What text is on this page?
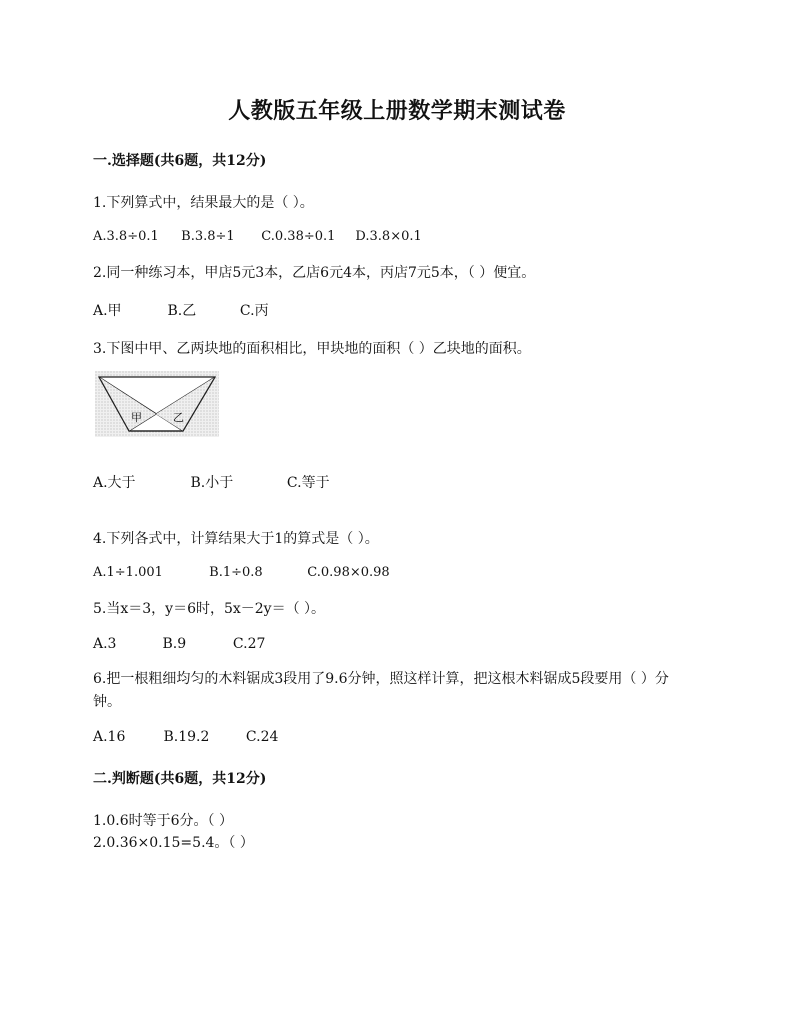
人教版五年级上册数学期末测试卷
一.选择题(共6题，共12分)
1.下列算式中，结果最大的是（ ）。
A.3.8÷0.1 B.3.8÷1 C.0.38÷0.1 D.3.8×0.1
2.同一种练习本，甲店5元3本，乙店6元4本，丙店7元5本，（ ）便宜。
A.甲	B.乙	C.丙
3.下图中甲、乙两块地的面积相比，甲块地的面积（ ）乙块地的面积。
甲	乙
A.大于	B.小于	C.等于
4.下列各式中，计算结果大于1的算式是（ ）。
A.1÷1.001	B.1÷0.8	C.0.98×0.98
5.当x＝3，y＝6时，5x－2y＝（ ）。
A.3	B.9	C.27
6.把一根粗细均匀的木料锯成3段用了9.6分钟，照这样计算，把这根木料锯成5段要用（ ）分钟。
A.16	B.19.2	C.24
二.判断题(共6题，共12分)
1.0.6时等于6分。（ ）
2.0.36×0.15=5.4。（ ）
